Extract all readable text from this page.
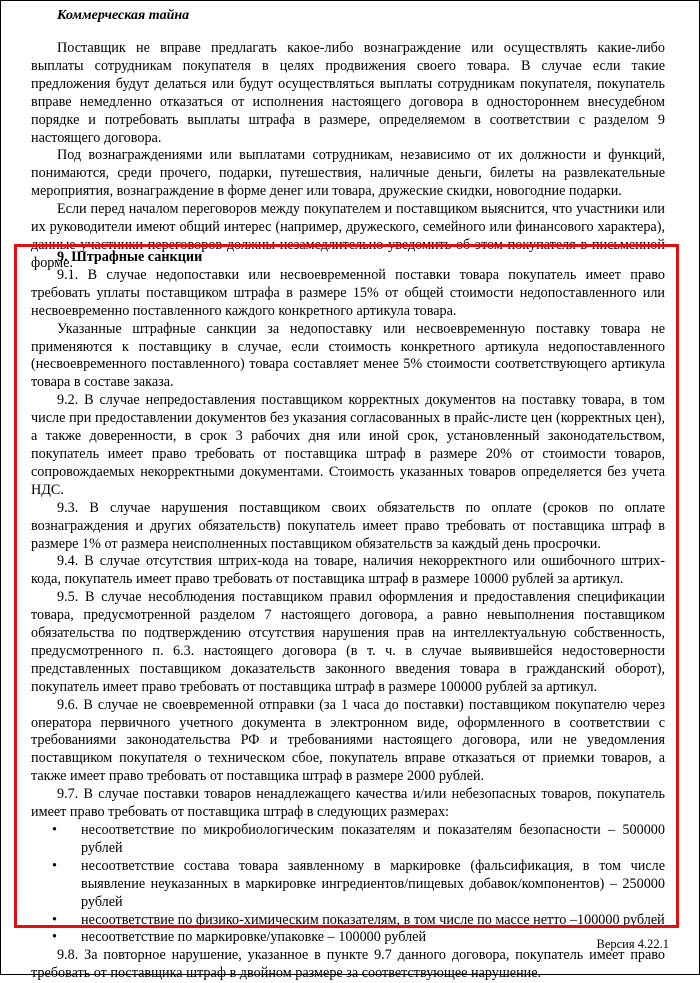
Коммерческая тайна

Поставщик не вправе предлагать какое-либо вознаграждение или осуществлять какие-либо выплаты сотрудникам покупателя в целях продвижения своего товара. В случае если такие предложения будут делаться или будут осуществляться выплаты сотрудникам покупателя, покупатель вправе немедленно отказаться от исполнения настоящего договора в одностороннем внесудебном порядке и потребовать выплаты штрафа в размере, определяемом в соответствии с разделом 9 настоящего договора.

Под вознаграждениями или выплатами сотрудникам, независимо от их должности и функций, понимаются, среди прочего, подарки, путешествия, наличные деньги, билеты на развлекательные мероприятия, вознаграждение в форме денег или товара, дружеские скидки, новогодние подарки.

Если перед началом переговоров между покупателем и поставщиком выяснится, что участники или их руководители имеют общий интерес (например, дружеского, семейного или финансового характера), данные участники переговоров должны незамедлительно уведомить об этом покупателя в письменной форме.

9. Штрафные санкции

9.1. В случае недопоставки или несвоевременной поставки товара покупатель имеет право требовать уплаты поставщиком штрафа в размере 15% от общей стоимости недопоставленного или несвоевременно поставленного каждого конкретного артикула товара.

Указанные штрафные санкции за недопоставку или несвоевременную поставку товара не применяются к поставщику в случае, если стоимость конкретного артикула недопоставленного (несвоевременного поставленного) товара составляет менее 5% стоимости соответствующего артикула товара в составе заказа.

9.2. В случае непредоставления поставщиком корректных документов на поставку товара, в том числе при предоставлении документов без указания согласованных в прайс-листе цен (корректных цен), а также доверенности, в срок 3 рабочих дня или иной срок, установленный законодательством, покупатель имеет право требовать от поставщика штраф в размере 20% от стоимости товаров, сопровождаемых некорректными документами. Стоимость указанных товаров определяется без учета НДС.

9.3. В случае нарушения поставщиком своих обязательств по оплате (сроков по оплате вознаграждения и других обязательств) покупатель имеет право требовать от поставщика штраф в размере 1% от размера неисполненных поставщиком обязательств за каждый день просрочки.

9.4. В случае отсутствия штрих-кода на товаре, наличия некорректного или ошибочного штрих-кода, покупатель имеет право требовать от поставщика штраф в размере 10000 рублей за артикул.

9.5. В случае несоблюдения поставщиком правил оформления и предоставления спецификации товара, предусмотренной разделом 7 настоящего договора, а равно невыполнения поставщиком обязательства по подтверждению отсутствия нарушения прав на интеллектуальную собственность, предусмотренного п. 6.3. настоящего договора (в т. ч. в случае выявившейся недостоверности представленных поставщиком доказательств законного введения товара в гражданский оборот), покупатель имеет право требовать от поставщика штраф в размере 100000 рублей за артикул.

9.6. В случае не своевременной отправки (за 1 часа до поставки) поставщиком покупателю через оператора первичного учетного документа в электронном виде, оформленного в соответствии с требованиями законодательства РФ и требованиями настоящего договора, или не уведомления поставщиком покупателя о техническом сбое, покупатель вправе отказаться от приемки товаров, а также имеет право требовать от поставщика штраф в размере 2000 рублей.

9.7. В случае поставки товаров ненадлежащего качества и/или небезопасных товаров, покупатель имеет право требовать от поставщика штраф в следующих размерах:

• несоответствие по микробиологическим показателям и показателям безопасности – 500000 рублей
• несоответствие состава товара заявленному в маркировке (фальсификация, в том числе выявление неуказанных в маркировке ингредиентов/пищевых добавок/компонентов) – 250000 рублей
• несоответствие по физико-химическим показателям, в том числе по массе нетто –100000 рублей
• несоответствие по маркировке/упаковке – 100000 рублей

9.8. За повторное нарушение, указанное в пункте 9.7 данного договора, покупатель имеет право требовать от поставщика штраф в двойном размере за соответствующее нарушение.

Версия 4.22.1
